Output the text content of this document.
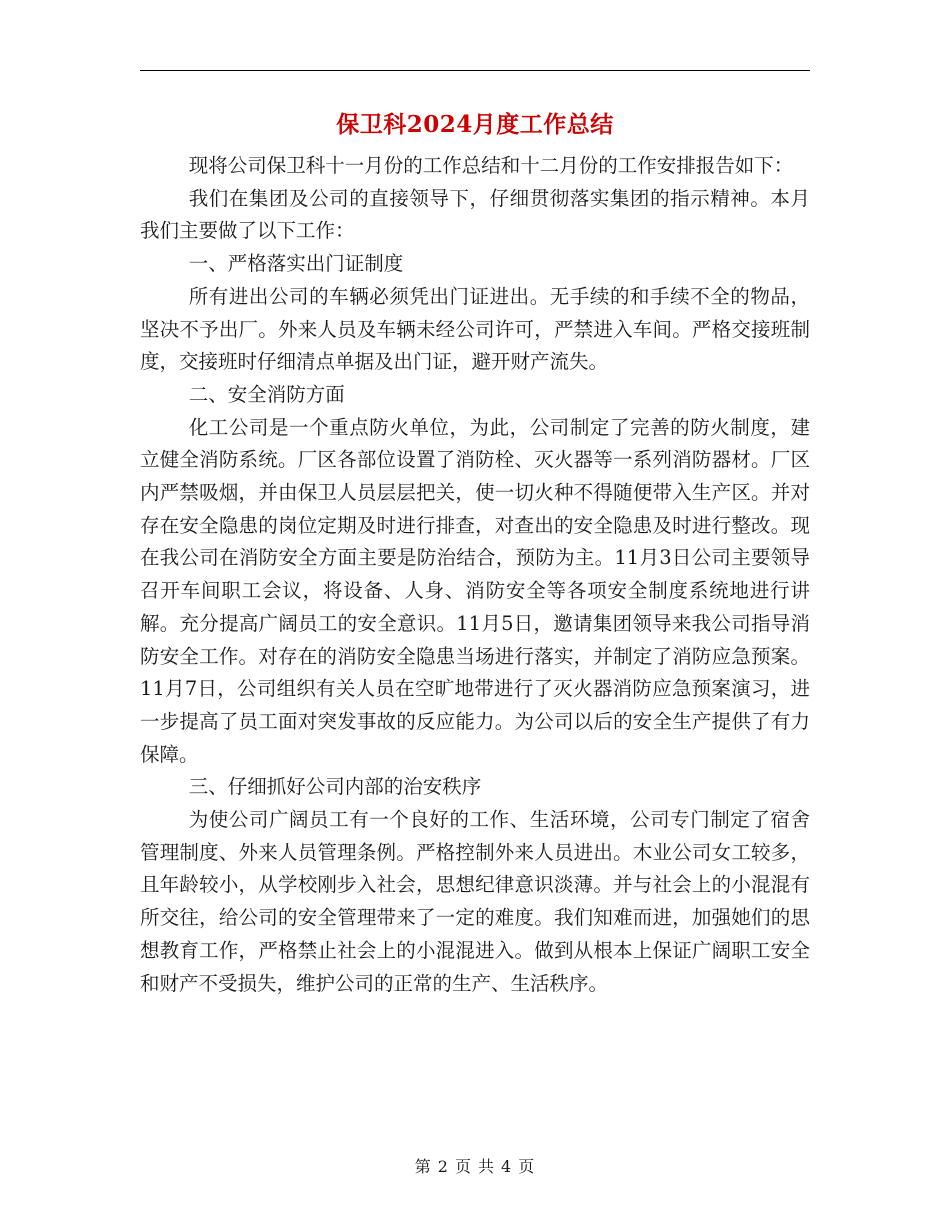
保卫科2024月度工作总结

现将公司保卫科十一月份的工作总结和十二月份的工作安排报告如下：

我们在集团及公司的直接领导下，仔细贯彻落实集团的指示精神。本月我们主要做了以下工作：

一、严格落实出门证制度

所有进出公司的车辆必须凭出门证进出。无手续的和手续不全的物品，坚决不予出厂。外来人员及车辆未经公司许可，严禁进入车间。严格交接班制度，交接班时仔细清点单据及出门证，避开财产流失。

二、安全消防方面

化工公司是一个重点防火单位，为此，公司制定了完善的防火制度，建立健全消防系统。厂区各部位设置了消防栓、灭火器等一系列消防器材。厂区内严禁吸烟，并由保卫人员层层把关，使一切火种不得随便带入生产区。并对存在安全隐患的岗位定期及时进行排查，对查出的安全隐患及时进行整改。现在我公司在消防安全方面主要是防治结合，预防为主。11月3日公司主要领导召开车间职工会议，将设备、人身、消防安全等各项安全制度系统地进行讲解。充分提高广阔员工的安全意识。11月5日，邀请集团领导来我公司指导消防安全工作。对存在的消防安全隐患当场进行落实，并制定了消防应急预案。11月7日，公司组织有关人员在空旷地带进行了灭火器消防应急预案演习，进一步提高了员工面对突发事故的反应能力。为公司以后的安全生产提供了有力保障。

三、仔细抓好公司内部的治安秩序

为使公司广阔员工有一个良好的工作、生活环境，公司专门制定了宿舍管理制度、外来人员管理条例。严格控制外来人员进出。木业公司女工较多，且年龄较小，从学校刚步入社会，思想纪律意识淡薄。并与社会上的小混混有所交往，给公司的安全管理带来了一定的难度。我们知难而进，加强她们的思想教育工作，严格禁止社会上的小混混进入。做到从根本上保证广阔职工安全和财产不受损失，维护公司的正常的生产、生活秩序。

第 2 页 共 4 页
